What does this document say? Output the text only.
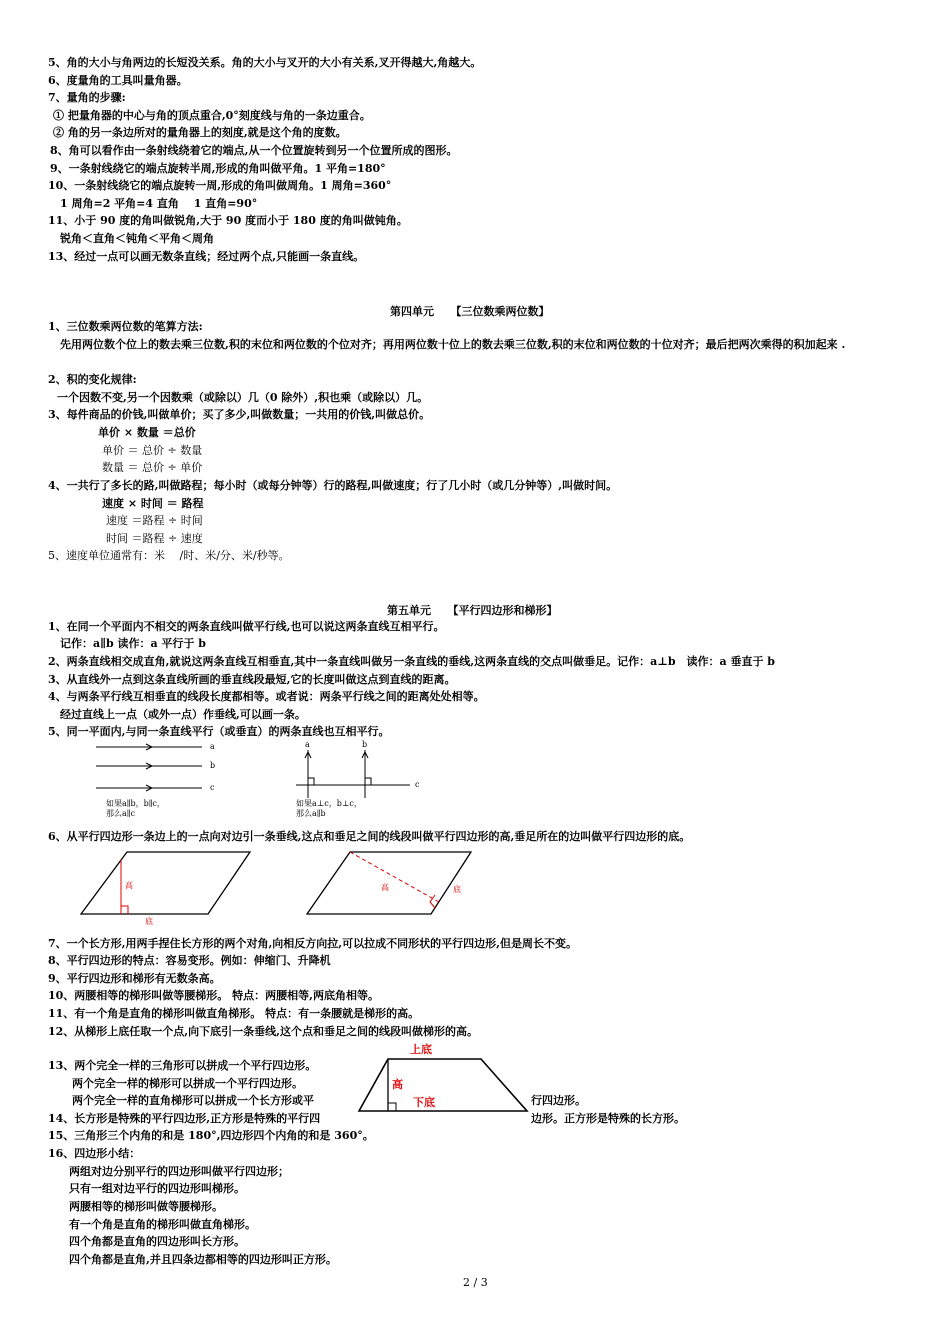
5、角的大小与角两边的长短没关系。角的大小与叉开的大小有关系,叉开得越大,角越大。
6、度量角的工具叫量角器。
7、量角的步骤:
① 把量角器的中心与角的顶点重合,0°刻度线与角的一条边重合。
② 角的另一条边所对的量角器上的刻度,就是这个角的度数。
8、角可以看作由一条射线绕着它的端点,从一个位置旋转到另一个位置所成的图形。
9、一条射线绕它的端点旋转半周,形成的角叫做平角。1 平角=180°
10、一条射线绕它的端点旋转一周,形成的角叫做周角。1 周角=360°
1 周角=2 平角=4 直角　 1 直角=90°
11、小于 90 度的角叫做锐角,大于 90 度而小于 180 度的角叫做钝角。
锐角＜直角＜钝角＜平角＜周角
13、经过一点可以画无数条直线；经过两个点,只能画一条直线。
第四单元　　【三位数乘两位数】
1、三位数乘两位数的笔算方法:
先用两位数个位上的数去乘三位数,积的末位和两位数的个位对齐；再用两位数十位上的数去乘三位数,积的末位和两位数的十位对齐；最后把两次乘得的积加起来 .
2、积的变化规律:
一个因数不变,另一个因数乘（或除以）几（0 除外）,积也乘（或除以）几。
3、每件商品的价钱,叫做单价；买了多少,叫做数量；一共用的价钱,叫做总价。
单价 × 数量 ＝总价
单价 ＝ 总价 ÷ 数量
数量 ＝ 总价 ÷ 单价
4、一共行了多长的路,叫做路程；每小时（或每分钟等）行的路程,叫做速度；行了几小时（或几分钟等）,叫做时间。
速度 × 时间 ＝ 路程
速度 ＝路程 ÷ 时间
时间 ＝路程 ÷ 速度
5、速度单位通常有：米 　/时、米/分、米/秒等。
第五单元　　【平行四边形和梯形】
1、在同一个平面内不相交的两条直线叫做平行线,也可以说这两条直线互相平行。
记作：a∥b 读作：a 平行于 b
2、两条直线相交成直角,就说这两条直线互相垂直,其中一条直线叫做另一条直线的垂线,这两条直线的交点叫做垂足。记作：a⊥b　读作：a 垂直于 b
3、从直线外一点到这条直线所画的垂直线段最短,它的长度叫做这点到直线的距离。
4、与两条平行线互相垂直的线段长度都相等。或者说：两条平行线之间的距离处处相等。
经过直线上一点（或外一点）作垂线,可以画一条。
5、同一平面内,与同一条直线平行（或垂直）的两条直线也互相平行。
a
b
c
a	b
c
如果a∥b，b∥c，
那么a∥c
如果a⊥c，b⊥c，
那么a∥b
6、从平行四边形一条边上的一点向对边引一条垂线,这点和垂足之间的线段叫做平行四边形的高,垂足所在的边叫做平行四边形的底。
高
底
高	底
7、一个长方形,用两手捏住长方形的两个对角,向相反方向拉,可以拉成不同形状的平行四边形,但是周长不变。
8、平行四边形的特点：容易变形。例如：伸缩门、升降机
9、平行四边形和梯形有无数条高。
10、两腰相等的梯形叫做等腰梯形。 特点：两腰相等,两底角相等。
11、有一个角是直角的梯形叫做直角梯形。 特点：有一条腰就是梯形的高。
12、从梯形上底任取一个点,向下底引一条垂线,这个点和垂足之间的线段叫做梯形的高。
上底
高
下底
13、两个完全一样的三角形可以拼成一个平行四边形。
两个完全一样的梯形可以拼成一个平行四边形。
两个完全一样的直角梯形可以拼成一个长方形或平	行四边形。
14、长方形是特殊的平行四边形,正方形是特殊的平行四	边形。正方形是特殊的长方形。
15、三角形三个内角的和是 180°,四边形四个内角的和是 360°。
16、四边形小结：
两组对边分别平行的四边形叫做平行四边形；
只有一组对边平行的四边形叫梯形。
两腰相等的梯形叫做等腰梯形。
有一个角是直角的梯形叫做直角梯形。
四个角都是直角的四边形叫长方形。
四个角都是直角,并且四条边都相等的四边形叫正方形。
2 / 3
